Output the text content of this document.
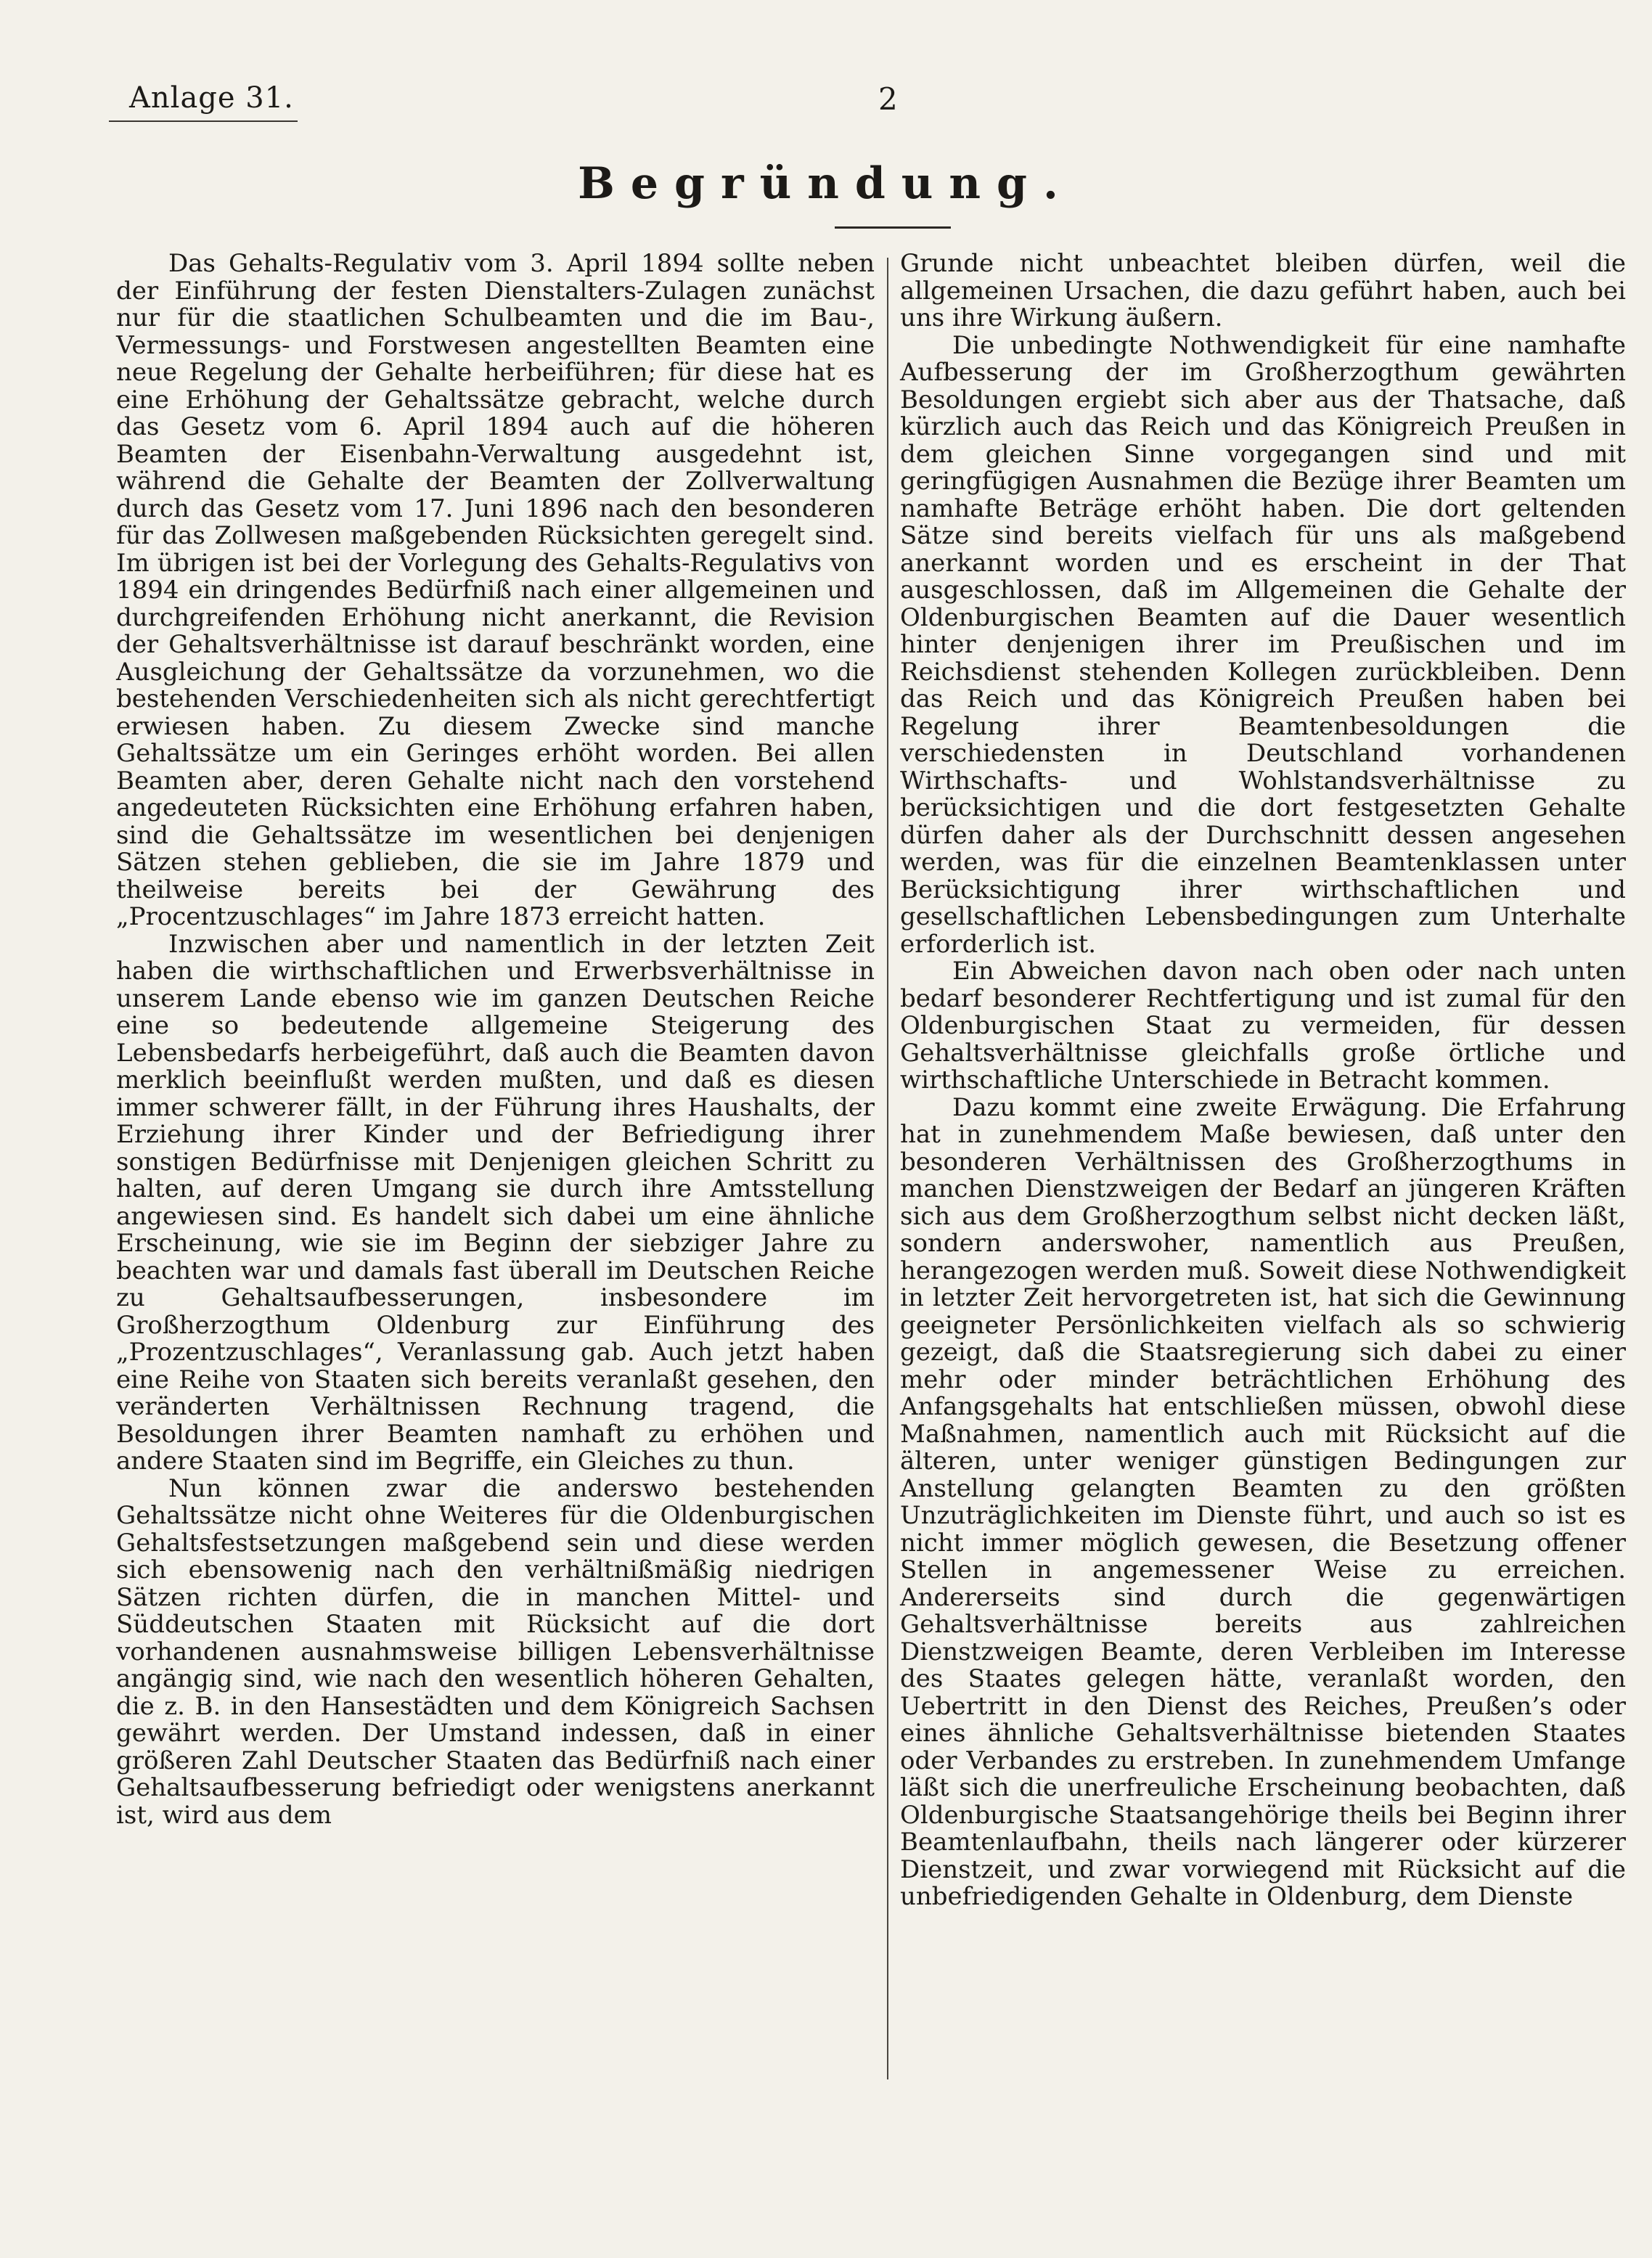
Anlage 31.	2
Begründung.

Das Gehalts-Regulativ vom 3. April 1894 sollte neben der Einführung der festen Dienstalters-Zulagen zunächst nur für die staatlichen Schulbeamten und die im Bau-, Vermessungs- und Forstwesen angestellten Beamten eine neue Regelung der Gehalte herbeiführen; für diese hat es eine Erhöhung der Gehaltssätze gebracht, welche durch das Gesetz vom 6. April 1894 auch auf die höheren Beamten der Eisenbahn-Verwaltung ausgedehnt ist, während die Gehalte der Beamten der Zollverwaltung durch das Gesetz vom 17. Juni 1896 nach den besonderen für das Zollwesen maßgebenden Rücksichten geregelt sind. Im übrigen ist bei der Vorlegung des Gehalts-Regulativs von 1894 ein dringendes Bedürfniß nach einer allgemeinen und durchgreifenden Erhöhung nicht anerkannt, die Revision der Gehaltsverhältnisse ist darauf beschränkt worden, eine Ausgleichung der Gehaltssätze da vorzunehmen, wo die bestehenden Verschiedenheiten sich als nicht gerechtfertigt erwiesen haben. Zu diesem Zwecke sind manche Gehaltssätze um ein Geringes erhöht worden. Bei allen Beamten aber, deren Gehalte nicht nach den vorstehend angedeuteten Rücksichten eine Erhöhung erfahren haben, sind die Gehaltssätze im wesentlichen bei denjenigen Sätzen stehen geblieben, die sie im Jahre 1879 und theilweise bereits bei der Gewährung des „Procentzuschlages“ im Jahre 1873 erreicht hatten.

Inzwischen aber und namentlich in der letzten Zeit haben die wirthschaftlichen und Erwerbsverhältnisse in unserem Lande ebenso wie im ganzen Deutschen Reiche eine so bedeutende allgemeine Steigerung des Lebensbedarfs herbeigeführt, daß auch die Beamten davon merklich beeinflußt werden mußten, und daß es diesen immer schwerer fällt, in der Führung ihres Haushalts, der Erziehung ihrer Kinder und der Befriedigung ihrer sonstigen Bedürfnisse mit Denjenigen gleichen Schritt zu halten, auf deren Umgang sie durch ihre Amtsstellung angewiesen sind. Es handelt sich dabei um eine ähnliche Erscheinung, wie sie im Beginn der siebziger Jahre zu beachten war und damals fast überall im Deutschen Reiche zu Gehaltsaufbesserungen, insbesondere im Großherzogthum Oldenburg zur Einführung des „Prozentzuschlages“, Veranlassung gab. Auch jetzt haben eine Reihe von Staaten sich bereits veranlaßt gesehen, den veränderten Verhältnissen Rechnung tragend, die Besoldungen ihrer Beamten namhaft zu erhöhen und andere Staaten sind im Begriffe, ein Gleiches zu thun.

Nun können zwar die anderswo bestehenden Gehaltssätze nicht ohne Weiteres für die Oldenburgischen Gehaltsfestsetzungen maßgebend sein und diese werden sich ebensowenig nach den verhältnißmäßig niedrigen Sätzen richten dürfen, die in manchen Mittel- und Süddeutschen Staaten mit Rücksicht auf die dort vorhandenen ausnahmsweise billigen Lebensverhältnisse angängig sind, wie nach den wesentlich höheren Gehalten, die z. B. in den Hansestädten und dem Königreich Sachsen gewährt werden. Der Umstand indessen, daß in einer größeren Zahl Deutscher Staaten das Bedürfniß nach einer Gehaltsaufbesserung befriedigt oder wenigstens anerkannt ist, wird aus dem

Grunde nicht unbeachtet bleiben dürfen, weil die allgemeinen Ursachen, die dazu geführt haben, auch bei uns ihre Wirkung äußern.

Die unbedingte Nothwendigkeit für eine namhafte Aufbesserung der im Großherzogthum gewährten Besoldungen ergiebt sich aber aus der Thatsache, daß kürzlich auch das Reich und das Königreich Preußen in dem gleichen Sinne vorgegangen sind und mit geringfügigen Ausnahmen die Bezüge ihrer Beamten um namhafte Beträge erhöht haben. Die dort geltenden Sätze sind bereits vielfach für uns als maßgebend anerkannt worden und es erscheint in der That ausgeschlossen, daß im Allgemeinen die Gehalte der Oldenburgischen Beamten auf die Dauer wesentlich hinter denjenigen ihrer im Preußischen und im Reichsdienst stehenden Kollegen zurückbleiben. Denn das Reich und das Königreich Preußen haben bei Regelung ihrer Beamtenbesoldungen die verschiedensten in Deutschland vorhandenen Wirthschafts- und Wohlstandsverhältnisse zu berücksichtigen und die dort festgesetzten Gehalte dürfen daher als der Durchschnitt dessen angesehen werden, was für die einzelnen Beamtenklassen unter Berücksichtigung ihrer wirthschaftlichen und gesellschaftlichen Lebensbedingungen zum Unterhalte erforderlich ist.

Ein Abweichen davon nach oben oder nach unten bedarf besonderer Rechtfertigung und ist zumal für den Oldenburgischen Staat zu vermeiden, für dessen Gehaltsverhältnisse gleichfalls große örtliche und wirthschaftliche Unterschiede in Betracht kommen.

Dazu kommt eine zweite Erwägung. Die Erfahrung hat in zunehmendem Maße bewiesen, daß unter den besonderen Verhältnissen des Großherzogthums in manchen Dienstzweigen der Bedarf an jüngeren Kräften sich aus dem Großherzogthum selbst nicht decken läßt, sondern anderswoher, namentlich aus Preußen, herangezogen werden muß. Soweit diese Nothwendigkeit in letzter Zeit hervorgetreten ist, hat sich die Gewinnung geeigneter Persönlichkeiten vielfach als so schwierig gezeigt, daß die Staatsregierung sich dabei zu einer mehr oder minder beträchtlichen Erhöhung des Anfangsgehalts hat entschließen müssen, obwohl diese Maßnahmen, namentlich auch mit Rücksicht auf die älteren, unter weniger günstigen Bedingungen zur Anstellung gelangten Beamten zu den größten Unzuträglichkeiten im Dienste führt, und auch so ist es nicht immer möglich gewesen, die Besetzung offener Stellen in angemessener Weise zu erreichen. Andererseits sind durch die gegenwärtigen Gehaltsverhältnisse bereits aus zahlreichen Dienstzweigen Beamte, deren Verbleiben im Interesse des Staates gelegen hätte, veranlaßt worden, den Uebertritt in den Dienst des Reiches, Preußen’s oder eines ähnliche Gehaltsverhältnisse bietenden Staates oder Verbandes zu erstreben. In zunehmendem Umfange läßt sich die unerfreuliche Erscheinung beobachten, daß Oldenburgische Staatsangehörige theils bei Beginn ihrer Beamtenlaufbahn, theils nach längerer oder kürzerer Dienstzeit, und zwar vorwiegend mit Rücksicht auf die unbefriedigenden Gehalte in Oldenburg, dem Dienste
